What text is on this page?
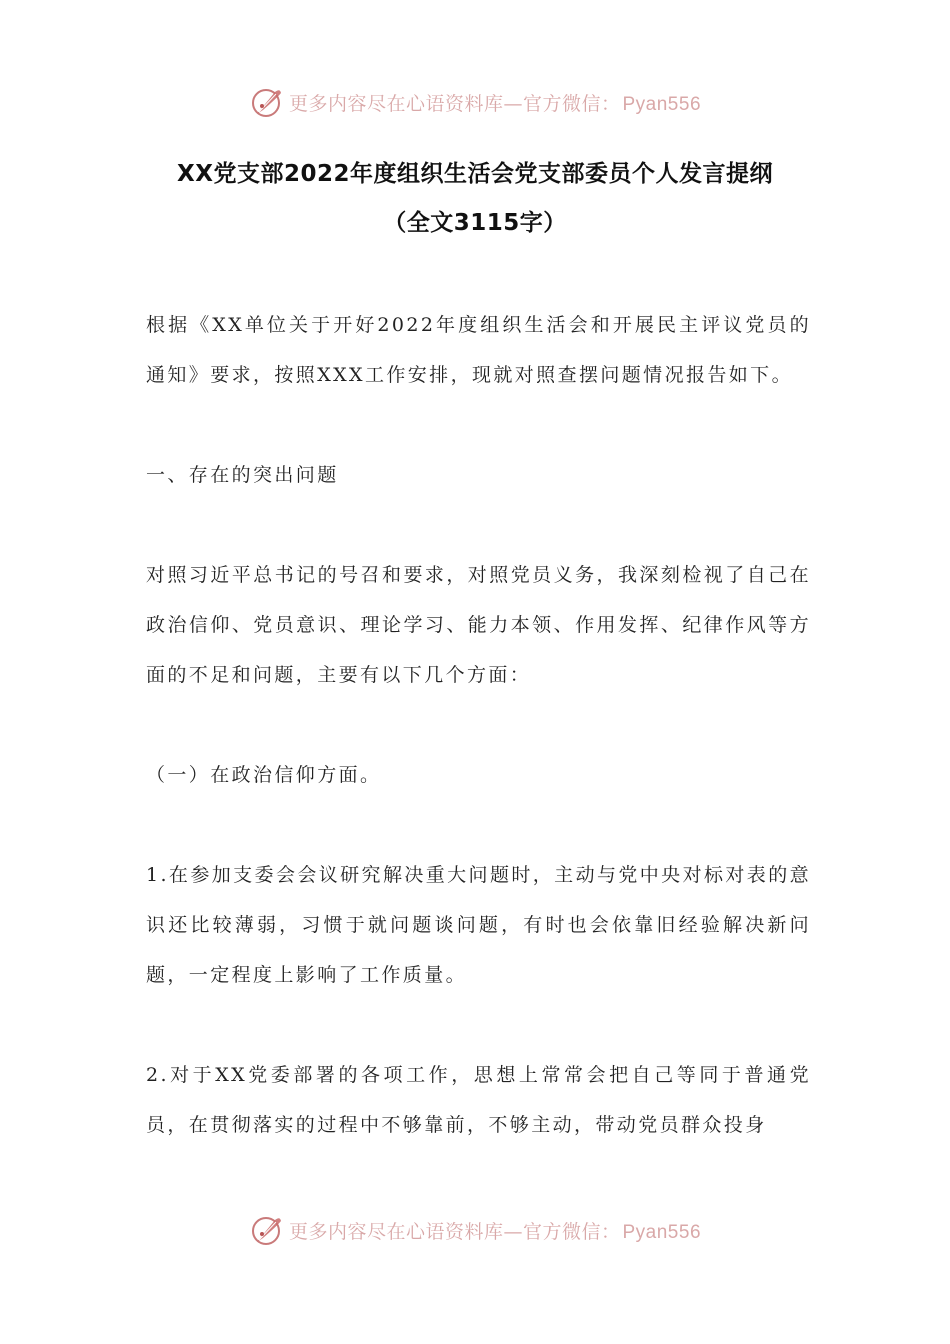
更多内容尽在心语资料库—官方微信： Pyan556
XX党支部2022年度组织生活会党支部委员个人发言提纲
（全文3115字）

根据《XX单位关于开好2022年度组织生活会和开展民主评议党员的通知》要求，按照XXX工作安排，现就对照查摆问题情况报告如下。

一、存在的突出问题

对照习近平总书记的号召和要求，对照党员义务，我深刻检视了自己在政治信仰、党员意识、理论学习、能力本领、作用发挥、纪律作风等方面的不足和问题，主要有以下几个方面：

（一）在政治信仰方面。

1.在参加支委会会议研究解决重大问题时，主动与党中央对标对表的意识还比较薄弱，习惯于就问题谈问题，有时也会依靠旧经验解决新问题，一定程度上影响了工作质量。

2.对于XX党委部署的各项工作，思想上常常会把自己等同于普通党员，在贯彻落实的过程中不够靠前，不够主动，带动党员群众投身

更多内容尽在心语资料库—官方微信： Pyan556
